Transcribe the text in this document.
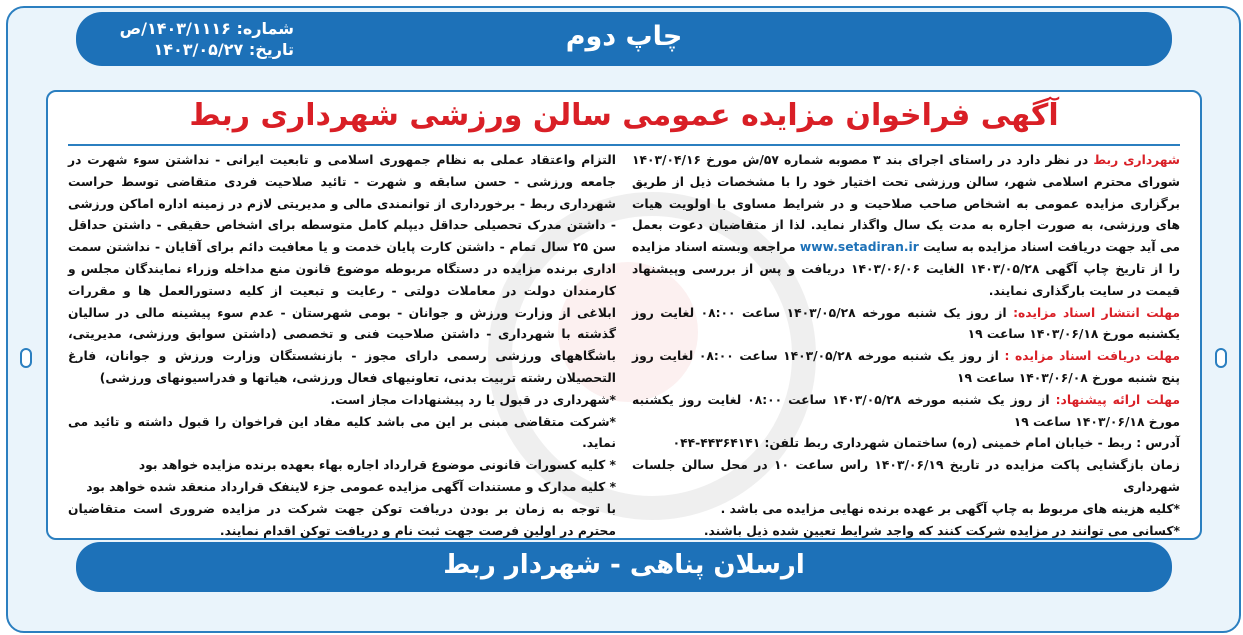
چاپ دوم
شماره: ۱۴۰۳/۱۱۱۶/ص
تاریخ: ۱۴۰۳/۰۵/۲۷
آگهی فراخوان مزایده عمومی سالن ورزشی شهرداری ربط

شهرداری ربط در نظر دارد در راستای اجرای بند ۳ مصوبه شماره ۵۷/ش مورخ ۱۴۰۳/۰۴/۱۶ شورای محترم اسلامی شهر، سالن ورزشی تحت اختیار خود را با مشخصات ذیل از طریق برگزاری مزایده عمومی به اشخاص صاحب صلاحیت و در شرایط مساوی با اولویت هیات های ورزشی، به صورت اجاره به مدت یک سال واگذار نماید. لذا از متقاضیان دعوت بعمل می آید جهت دریافت اسناد مزایده به سایت www.setadiran.ir مراجعه وبسته اسناد مزایده را از تاریخ چاپ آگهی ۱۴۰۳/۰۵/۲۸ الغایت ۱۴۰۳/۰۶/۰۶ دریافت و پس از بررسی وپیشنهاد قیمت در سایت بارگذاری نمایند.

مهلت انتشار اسناد مزایده: از روز یک شنبه مورخه ۱۴۰۳/۰۵/۲۸ ساعت ۰۸:۰۰ لغایت روز یکشنبه مورخ ۱۴۰۳/۰۶/۱۸ ساعت ۱۹

مهلت دریافت اسناد مزایده : از روز یک شنبه مورخه ۱۴۰۳/۰۵/۲۸ ساعت ۰۸:۰۰ لغایت روز پنج شنبه مورخ ۱۴۰۳/۰۶/۰۸ ساعت ۱۹

مهلت ارائه پیشنهاد: از روز یک شنبه مورخه ۱۴۰۳/۰۵/۲۸ ساعت ۰۸:۰۰ لغایت روز یکشنبه مورخ ۱۴۰۳/۰۶/۱۸ ساعت ۱۹

آدرس : ربط - خیابان امام خمینی (ره) ساختمان شهرداری ربط تلفن: ۴۴۳۶۴۱۴۱-۰۴۴

زمان بازگشایی پاکت مزایده در تاریخ ۱۴۰۳/۰۶/۱۹ راس ساعت ۱۰ در محل سالن جلسات شهرداری

*کلیه هزینه های مربوط به چاپ آگهی بر عهده برنده نهایی مزایده می باشد .

*کسانی می توانند در مزایده شرکت کنند که واجد شرایط تعیین شده ذیل باشند.

التزام واعتقاد عملی به نظام جمهوری اسلامی و تابعیت ایرانی - نداشتن سوء شهرت در جامعه ورزشی - حسن سابقه و شهرت - تائید صلاحیت فردی متقاضی توسط حراست شهرداری ربط - برخورداری از توانمندی مالی و مدیریتی لازم در زمینه اداره اماکن ورزشی - داشتن مدرک تحصیلی حداقل دیپلم کامل متوسطه برای اشخاص حقیقی - داشتن حداقل سن ۲۵ سال تمام - داشتن کارت پایان خدمت و یا معافیت دائم برای آقایان - نداشتن سمت اداری برنده مزایده در دستگاه مربوطه موضوع قانون منع مداخله وزراء نمایندگان مجلس و کارمندان دولت در معاملات دولتی - رعایت و تبعیت از کلیه دستورالعمل ها و مقررات ابلاغی از وزارت ورزش و جوانان - بومی شهرستان - عدم سوء پیشینه مالی در سالیان گذشته با شهرداری - داشتن صلاحیت فنی و تخصصی (داشتن سوابق ورزشی، مدیریتی، باشگاههای ورزشی رسمی دارای مجوز - بازنشستگان وزارت ورزش و جوانان، فارغ التحصیلان رشته تربیت بدنی، تعاونیهای فعال ورزشی، هیاتها و فدراسیونهای ورزشی)

*شهرداری در قبول یا رد پیشنهادات مجاز است.

*شرکت متقاضی مبنی بر این می باشد کلیه مفاد این فراخوان را قبول داشته و تائید می نماید.

* کلیه کسورات قانونی موضوع قرارداد اجاره بهاء بعهده برنده مزایده خواهد بود

* کلیه مدارک و مستندات آگهی مزایده عمومی جزء لاینفک قرارداد منعقد شده خواهد بود

با توجه به زمان بر بودن دریافت توکن جهت شرکت در مزایده ضروری است متقاضیان محترم در اولین فرصت جهت ثبت نام و دریافت توکن اقدام نمایند.

ارسلان پناهی - شهردار ربط
